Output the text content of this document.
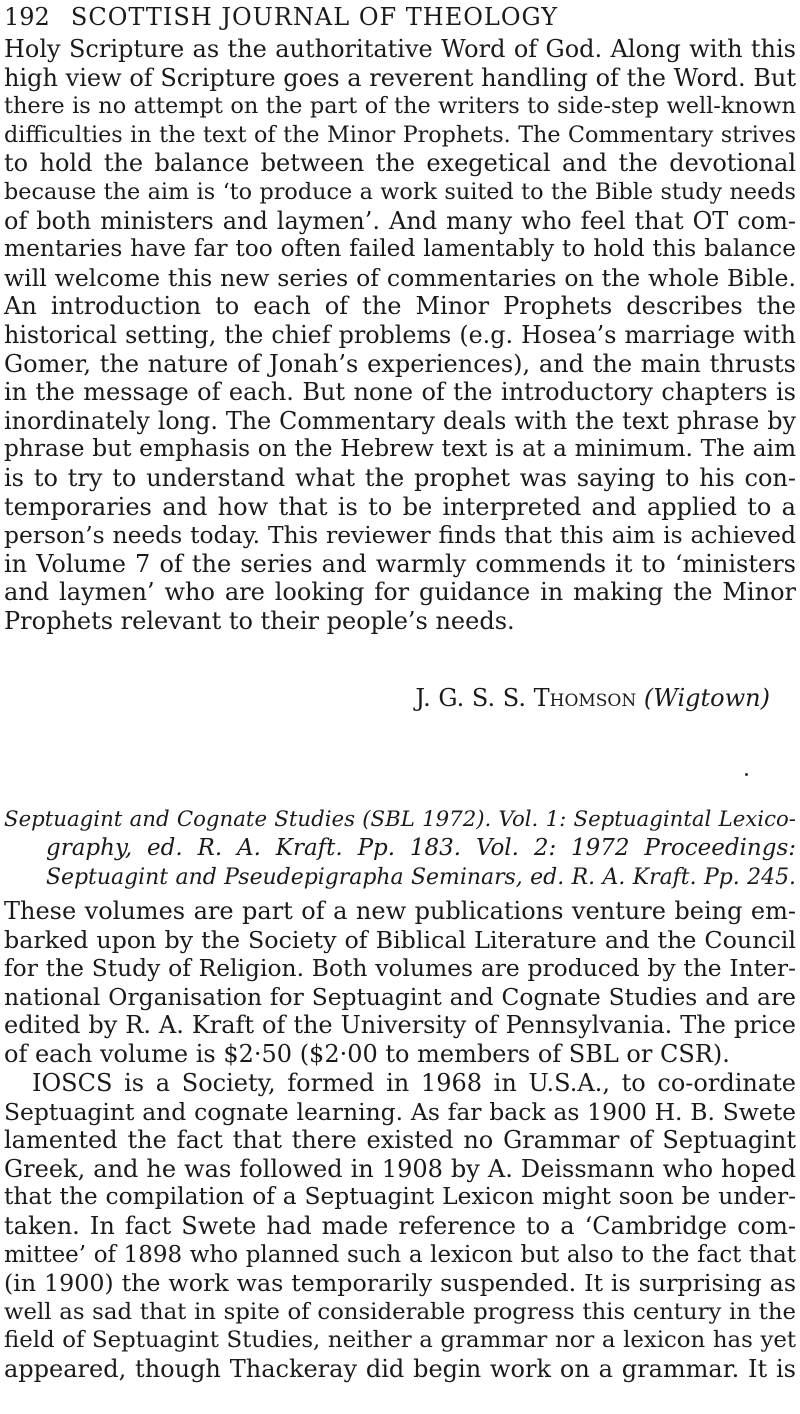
192 SCOTTISH JOURNAL OF THEOLOGY
Holy Scripture as the authoritative Word of God. Along with this
high view of Scripture goes a reverent handling of the Word. But
there is no attempt on the part of the writers to side-step well-known
difficulties in the text of the Minor Prophets. The Commentary strives
to hold the balance between the exegetical and the devotional
because the aim is ‘to produce a work suited to the Bible study needs
of both ministers and laymen’. And many who feel that OT com-
mentaries have far too often failed lamentably to hold this balance
will welcome this new series of commentaries on the whole Bible.
An introduction to each of the Minor Prophets describes the
historical setting, the chief problems (e.g. Hosea’s marriage with
Gomer, the nature of Jonah’s experiences), and the main thrusts
in the message of each. But none of the introductory chapters is
inordinately long. The Commentary deals with the text phrase by
phrase but emphasis on the Hebrew text is at a minimum. The aim
is to try to understand what the prophet was saying to his con-
temporaries and how that is to be interpreted and applied to a
person’s needs today. This reviewer finds that this aim is achieved
in Volume 7 of the series and warmly commends it to ‘ministers
and laymen’ who are looking for guidance in making the Minor
Prophets relevant to their people’s needs.
J. G. S. S. Thomson (Wigtown)
Septuagint and Cognate Studies (SBL 1972). Vol. 1: Septuagintal Lexico-
graphy, ed. R. A. Kraft. Pp. 183. Vol. 2: 1972 Proceedings:
Septuagint and Pseudepigrapha Seminars, ed. R. A. Kraft. Pp. 245.
These volumes are part of a new publications venture being em-
barked upon by the Society of Biblical Literature and the Council
for the Study of Religion. Both volumes are produced by the Inter-
national Organisation for Septuagint and Cognate Studies and are
edited by R. A. Kraft of the University of Pennsylvania. The price
of each volume is $2·50 ($2·00 to members of SBL or CSR).
IOSCS is a Society, formed in 1968 in U.S.A., to co-ordinate
Septuagint and cognate learning. As far back as 1900 H. B. Swete
lamented the fact that there existed no Grammar of Septuagint
Greek, and he was followed in 1908 by A. Deissmann who hoped
that the compilation of a Septuagint Lexicon might soon be under-
taken. In fact Swete had made reference to a ‘Cambridge com-
mittee’ of 1898 who planned such a lexicon but also to the fact that
(in 1900) the work was temporarily suspended. It is surprising as
well as sad that in spite of considerable progress this century in the
field of Septuagint Studies, neither a grammar nor a lexicon has yet
appeared, though Thackeray did begin work on a grammar. It is
